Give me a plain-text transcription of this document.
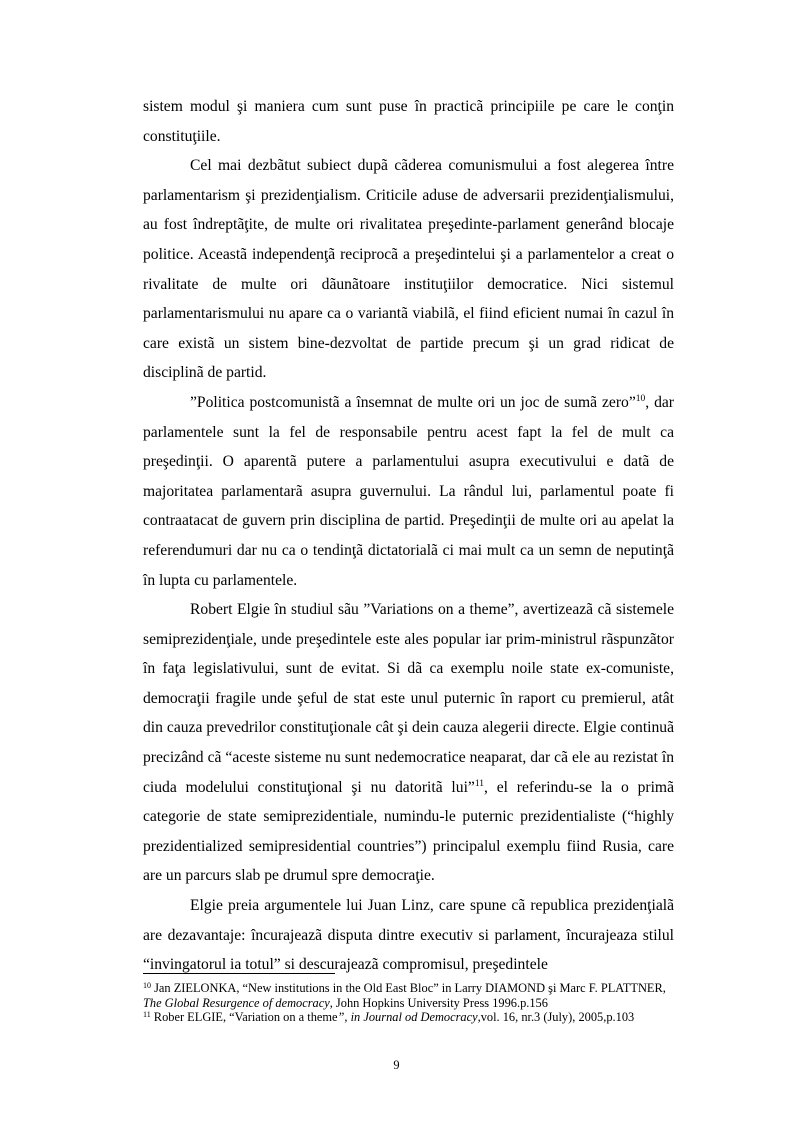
sistem modul şi maniera cum sunt puse în practicã principiile pe care le conţin constituţiile.

Cel mai dezbãtut subiect dupã cãderea comunismului a fost alegerea între parlamentarism şi prezidenţialism. Criticile aduse de adversarii prezidenţialismului, au fost îndreptãţite, de multe ori rivalitatea preşedinte-parlament generând blocaje politice. Aceastã independenţã reciprocã a preşedintelui şi a parlamentelor a creat o rivalitate de multe ori dãunãtoare instituţiilor democratice. Nici sistemul parlamentarismului nu apare ca o variantã viabilã, el fiind eficient numai în cazul în care existã un sistem bine-dezvoltat de partide precum şi un grad ridicat de disciplinã de partid.

”Politica postcomunistã a însemnat de multe ori un joc de sumã zero”$^{10}$, dar parlamentele sunt la fel de responsabile pentru acest fapt la fel de mult ca preşedinţii. O aparentã putere a parlamentului asupra executivului e datã de majoritatea parlamentarã asupra guvernului. La rândul lui, parlamentul poate fi contraatacat de guvern prin disciplina de partid. Preşedinţii de multe ori au apelat la referendumuri dar nu ca o tendinţã dictatorialã ci mai mult ca un semn de neputinţã în lupta cu parlamentele.

Robert Elgie în studiul sãu ”Variations on a theme”, avertizeazã cã sistemele semiprezidenţiale, unde preşedintele este ales popular iar prim-ministrul rãspunzãtor în faţa legislativului, sunt de evitat. Si dã ca exemplu noile state ex-comuniste, democraţii fragile unde şeful de stat este unul puternic în raport cu premierul, atât din cauza prevedrilor constituţionale cât şi dein cauza alegerii directe. Elgie continuã precizând cã “aceste sisteme nu sunt nedemocratice neaparat, dar cã ele au rezistat în ciuda modelului constituţional şi nu datoritã lui”$^{11}$, el referindu-se la o primã categorie de state semiprezidentiale, numindu-le puternic prezidentialiste (“highly prezidentialized semipresidential countries”) principalul exemplu fiind Rusia, care are un parcurs slab pe drumul spre democraţie.

Elgie preia argumentele lui Juan Linz, care spune cã republica prezidenţialã are dezavantaje: încurajeazã disputa dintre executiv si parlament, încurajeaza stilul “invingatorul ia totul” si descurajeazã compromisul, preşedintele

$^{10}$ Jan ZIELONKA, “New institutions in the Old East Bloc” in Larry DIAMOND şi Marc F. PLATTNER, The Global Resurgence of democracy, John Hopkins University Press 1996.p.156

$^{11}$ Rober ELGIE, “Variation on a theme”, in Journal od Democracy,vol. 16, nr.3 (July), 2005,p.103

9
